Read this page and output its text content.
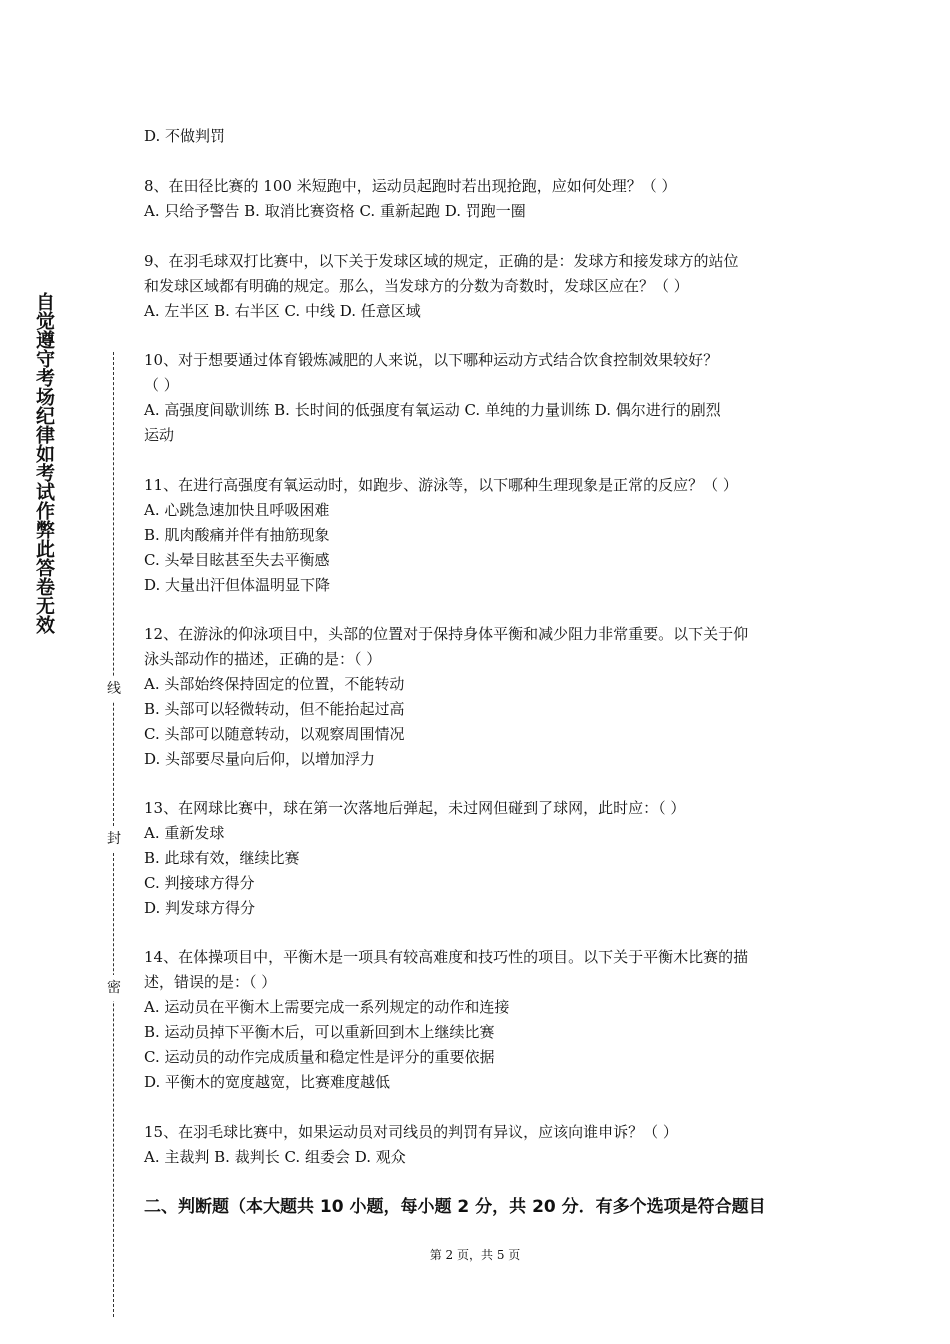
自觉遵守考场纪律如考试作弊此答卷无效
线
封
密
D. 不做判罚
8、在田径比赛的 100 米短跑中，运动员起跑时若出现抢跑，应如何处理？（ ）
A. 只给予警告 B. 取消比赛资格 C. 重新起跑 D. 罚跑一圈
9、在羽毛球双打比赛中，以下关于发球区域的规定，正确的是：发球方和接发球方的站位
和发球区域都有明确的规定。那么，当发球方的分数为奇数时，发球区应在？（ ）
A. 左半区 B. 右半区 C. 中线 D. 任意区域
10、对于想要通过体育锻炼减肥的人来说，以下哪种运动方式结合饮食控制效果较好？
（ ）
A. 高强度间歇训练 B. 长时间的低强度有氧运动 C. 单纯的力量训练 D. 偶尔进行的剧烈
运动
11、在进行高强度有氧运动时，如跑步、游泳等，以下哪种生理现象是正常的反应？（ ）
A. 心跳急速加快且呼吸困难
B. 肌肉酸痛并伴有抽筋现象
C. 头晕目眩甚至失去平衡感
D. 大量出汗但体温明显下降
12、在游泳的仰泳项目中，头部的位置对于保持身体平衡和减少阻力非常重要。以下关于仰
泳头部动作的描述，正确的是：（ ）
A. 头部始终保持固定的位置，不能转动
B. 头部可以轻微转动，但不能抬起过高
C. 头部可以随意转动，以观察周围情况
D. 头部要尽量向后仰，以增加浮力
13、在网球比赛中，球在第一次落地后弹起，未过网但碰到了球网，此时应：（ ）
A. 重新发球
B. 此球有效，继续比赛
C. 判接球方得分
D. 判发球方得分
14、在体操项目中，平衡木是一项具有较高难度和技巧性的项目。以下关于平衡木比赛的描
述，错误的是：（ ）
A. 运动员在平衡木上需要完成一系列规定的动作和连接
B. 运动员掉下平衡木后，可以重新回到木上继续比赛
C. 运动员的动作完成质量和稳定性是评分的重要依据
D. 平衡木的宽度越宽，比赛难度越低
15、在羽毛球比赛中，如果运动员对司线员的判罚有异议，应该向谁申诉？（ ）
A. 主裁判 B. 裁判长 C. 组委会 D. 观众
二、判断题（本大题共 10 小题，每小题 2 分，共 20 分．有多个选项是符合题目
第 2 页，共 5 页
